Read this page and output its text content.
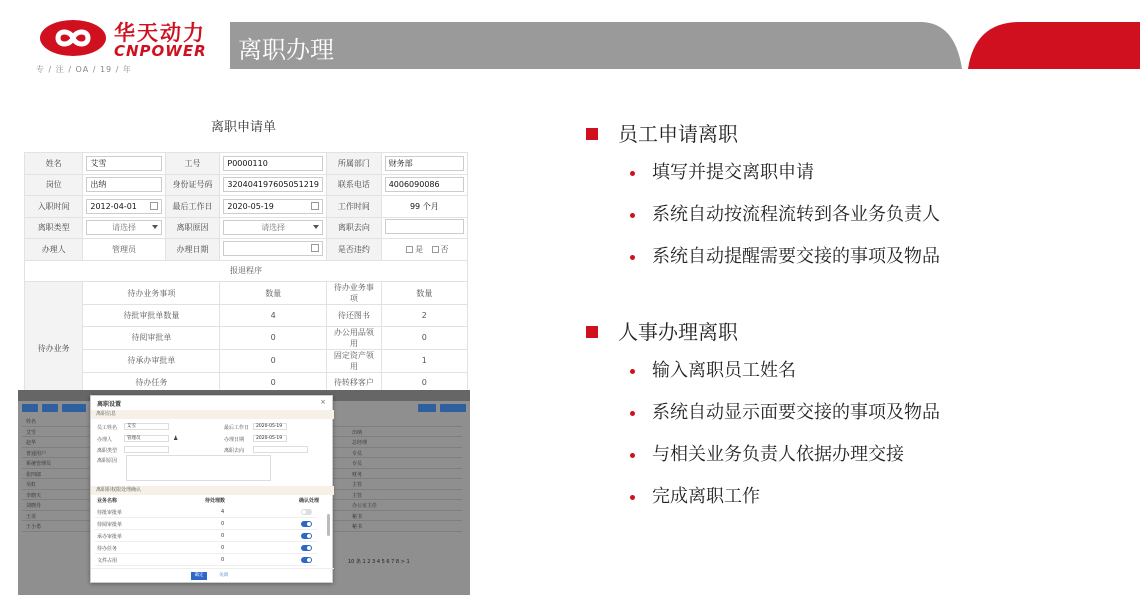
华天动力
CNPOWER
专 / 注 / OA / 19 / 年
离职办理
离职申请单
姓名	艾雪	工号	P0000110	所属部门	财务部
岗位	出纳	身份证号码	320404197605051219	联系电话	4006090086
入职时间	2012-04-01	最后工作日	2020-05-19	工作时间	99 个月
离职类型	请选择	离职原因	请选择	离职去向	
办理人	管理员	办理日期		是否违约	是 否
报退程序					
待办业务	待办业务事项		数量	待办业务事项	数量
	待批审批单数量		4	待还图书	2
	待阅审批单		0	办公用品领用	0
	待承办审批单		0	固定资产领用	1
	待办任务		0	待转移客户	0

姓名
艾雪	出纳
赵华	总经理
普通用户	专员
系统管理员	专员
张四郎	财务
吴虹	主管
李晓天	主管
刘晓丹	办公室主任
王美	秘书
王小勇	秘书
10 条 1 2 3 4 5 6 7 8 > 1
离职设置	×
离职信息
员工姓名	艾雪	最后工作日	2020-05-19
办理人	管理员	♟	办理日期	2020-05-19
离职类型	离职去向
离职原因
离职职权限处理确认
业务名称	待处理数	确认处理
待批审批单	4
待阅审批单	0
承办审批单	0
待办任务	0
文件占用	0
确定	关闭
员工申请离职
填写并提交离职申请
系统自动按流程流转到各业务负责人
系统自动提醒需要交接的事项及物品
人事办理离职
输入离职员工姓名
系统自动显示面要交接的事项及物品
与相关业务负责人依据办理交接
完成离职工作
